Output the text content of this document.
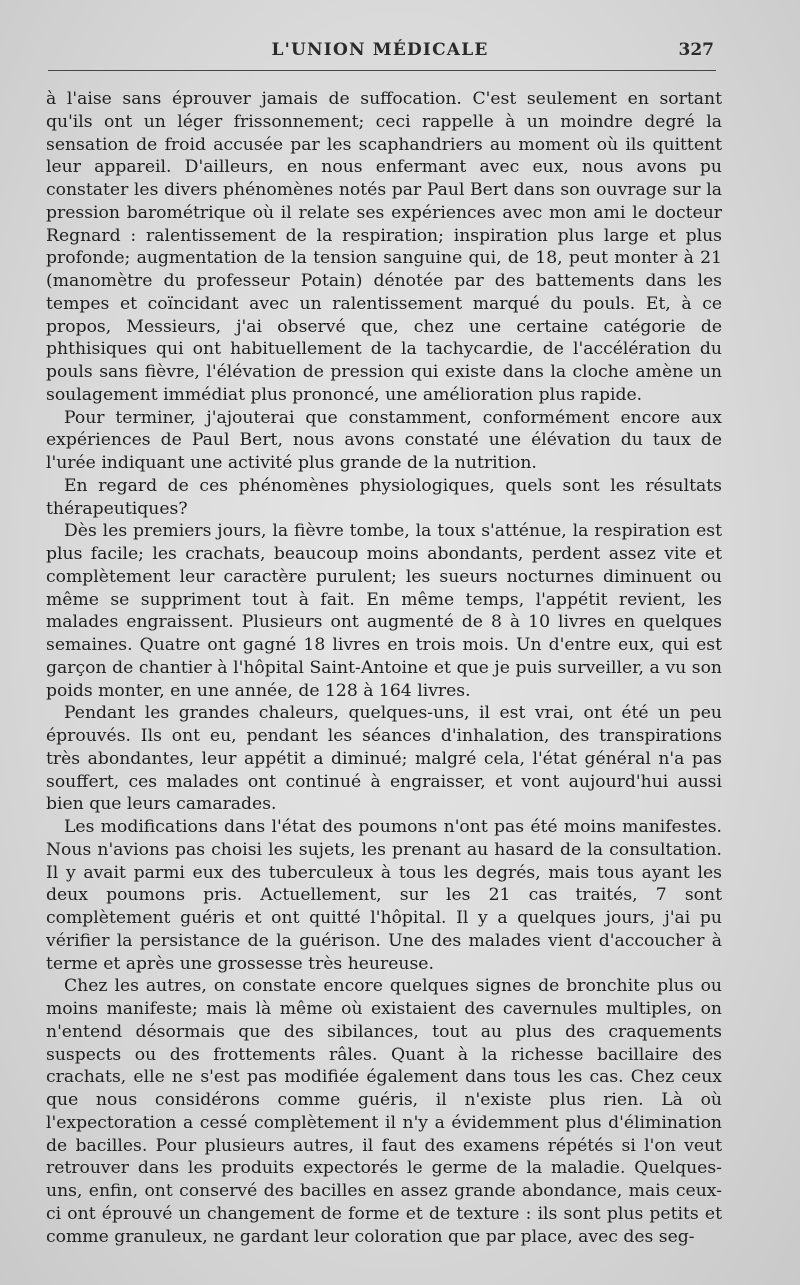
L'UNION MÉDICALE	327

à l'aise sans éprouver jamais de suffocation. C'est seulement en sortant qu'ils ont un léger frissonnement; ceci rappelle à un moindre degré la sensation de froid accusée par les scaphandriers au moment où ils quittent leur appareil. D'ailleurs, en nous enfermant avec eux, nous avons pu constater les divers phénomènes notés par Paul Bert dans son ouvrage sur la pression barométrique où il relate ses expériences avec mon ami le docteur Regnard : ralentissement de la respiration; inspiration plus large et plus profonde; augmentation de la tension sanguine qui, de 18, peut monter à 21 (manomètre du professeur Potain) dénotée par des battements dans les tempes et coïncidant avec un ralentissement marqué du pouls. Et, à ce propos, Messieurs, j'ai observé que, chez une certaine catégorie de phthisiques qui ont habituellement de la tachycardie, de l'accélération du pouls sans fièvre, l'élévation de pression qui existe dans la cloche amène un soulagement immédiat plus prononcé, une amélioration plus rapide.

Pour terminer, j'ajouterai que constamment, conformément encore aux expériences de Paul Bert, nous avons constaté une élévation du taux de l'urée indiquant une activité plus grande de la nutrition.

En regard de ces phénomènes physiologiques, quels sont les résultats thérapeutiques?

Dès les premiers jours, la fièvre tombe, la toux s'atténue, la respiration est plus facile; les crachats, beaucoup moins abondants, perdent assez vite et complètement leur caractère purulent; les sueurs nocturnes diminuent ou même se suppriment tout à fait. En même temps, l'appétit revient, les malades engraissent. Plusieurs ont augmenté de 8 à 10 livres en quelques semaines. Quatre ont gagné 18 livres en trois mois. Un d'entre eux, qui est garçon de chantier à l'hôpital Saint-Antoine et que je puis surveiller, a vu son poids monter, en une année, de 128 à 164 livres.

Pendant les grandes chaleurs, quelques-uns, il est vrai, ont été un peu éprouvés. Ils ont eu, pendant les séances d'inhalation, des transpirations très abondantes, leur appétit a diminué; malgré cela, l'état général n'a pas souffert, ces malades ont continué à engraisser, et vont aujourd'hui aussi bien que leurs camarades.

Les modifications dans l'état des poumons n'ont pas été moins manifestes. Nous n'avions pas choisi les sujets, les prenant au hasard de la consultation. Il y avait parmi eux des tuberculeux à tous les degrés, mais tous ayant les deux poumons pris. Actuellement, sur les 21 cas traités, 7 sont complètement guéris et ont quitté l'hôpital. Il y a quelques jours, j'ai pu vérifier la persistance de la guérison. Une des malades vient d'accoucher à terme et après une grossesse très heureuse.

Chez les autres, on constate encore quelques signes de bronchite plus ou moins manifeste; mais là même où existaient des cavernules multiples, on n'entend désormais que des sibilances, tout au plus des craquements suspects ou des frottements râles. Quant à la richesse bacillaire des crachats, elle ne s'est pas modifiée également dans tous les cas. Chez ceux que nous considérons comme guéris, il n'existe plus rien. Là où l'expectoration a cessé complètement il n'y a évidemment plus d'élimination de bacilles. Pour plusieurs autres, il faut des examens répétés si l'on veut retrouver dans les produits expectorés le germe de la maladie. Quelques-uns, enfin, ont conservé des bacilles en assez grande abondance, mais ceux-ci ont éprouvé un changement de forme et de texture : ils sont plus petits et comme granuleux, ne gardant leur coloration que par place, avec des seg-
